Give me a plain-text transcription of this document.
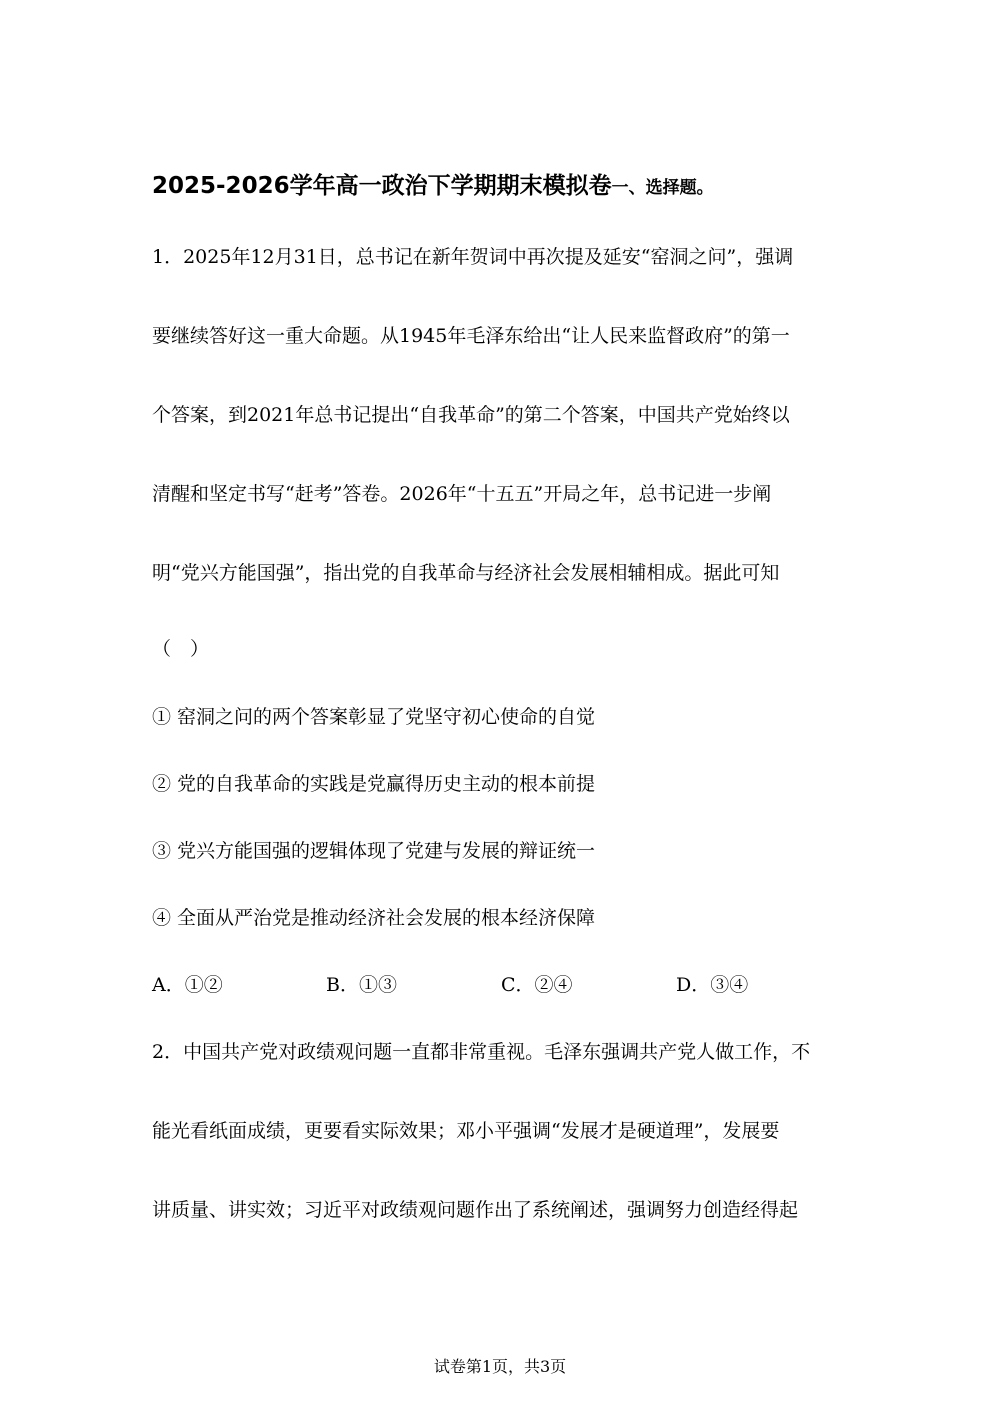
2025-2026学年高一政治下学期期末模拟卷一、选择题。
1．2025年12月31日，总书记在新年贺词中再次提及延安“窑洞之问”，强调
要继续答好这一重大命题。从1945年毛泽东给出“让人民来监督政府”的第一
个答案，到2021年总书记提出“自我革命”的第二个答案，中国共产党始终以
清醒和坚定书写“赶考”答卷。2026年“十五五”开局之年，总书记进一步阐
明“党兴方能国强”，指出党的自我革命与经济社会发展相辅相成。据此可知
（　）
① 窑洞之问的两个答案彰显了党坚守初心使命的自觉
② 党的自我革命的实践是党赢得历史主动的根本前提
③ 党兴方能国强的逻辑体现了党建与发展的辩证统一
④ 全面从严治党是推动经济社会发展的根本经济保障
A．①②	B．①③	C．②④	D．③④
2．中国共产党对政绩观问题一直都非常重视。毛泽东强调共产党人做工作，不
能光看纸面成绩，更要看实际效果；邓小平强调“发展才是硬道理”，发展要
讲质量、讲实效；习近平对政绩观问题作出了系统阐述，强调努力创造经得起
试卷第1页，共3页
